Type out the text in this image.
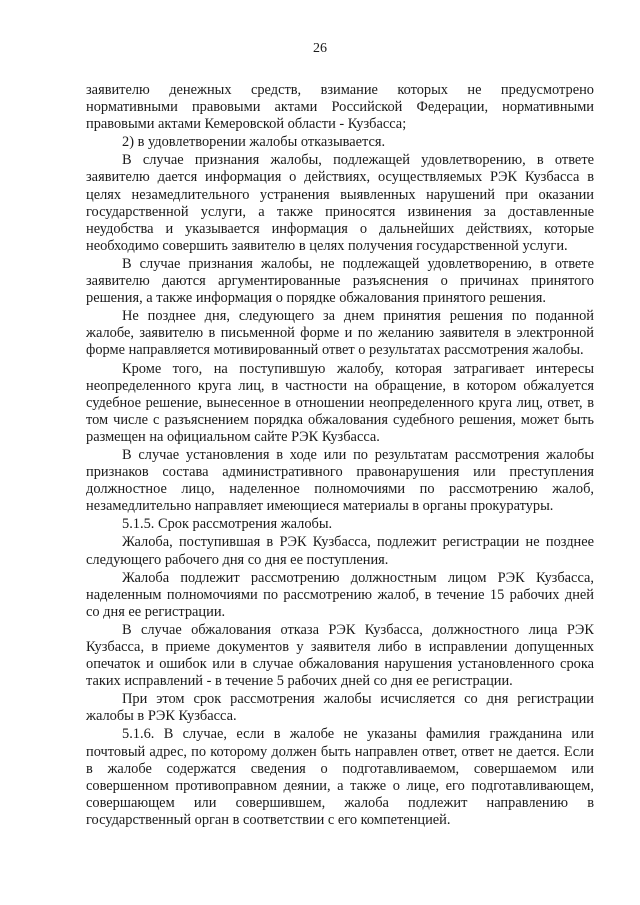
26

заявителю денежных средств, взимание которых не предусмотрено нормативными правовыми актами Российской Федерации, нормативными правовыми актами Кемеровской области - Кузбасса;

2) в удовлетворении жалобы отказывается.

В случае признания жалобы, подлежащей удовлетворению, в ответе заявителю дается информация о действиях, осуществляемых РЭК Кузбасса в целях незамедлительного устранения выявленных нарушений при оказании государственной услуги, а также приносятся извинения за доставленные неудобства и указывается информация о дальнейших действиях, которые необходимо совершить заявителю в целях получения государственной услуги.

В случае признания жалобы, не подлежащей удовлетворению, в ответе заявителю даются аргументированные разъяснения о причинах принятого решения, а также информация о порядке обжалования принятого решения.

Не позднее дня, следующего за днем принятия решения по поданной жалобе, заявителю в письменной форме и по желанию заявителя в электронной форме направляется мотивированный ответ о результатах рассмотрения жалобы.

Кроме того, на поступившую жалобу, которая затрагивает интересы неопределенного круга лиц, в частности на обращение, в котором обжалуется судебное решение, вынесенное в отношении неопределенного круга лиц, ответ, в том числе с разъяснением порядка обжалования судебного решения, может быть размещен на официальном сайте РЭК Кузбасса.

В случае установления в ходе или по результатам рассмотрения жалобы признаков состава административного правонарушения или преступления должностное лицо, наделенное полномочиями по рассмотрению жалоб, незамедлительно направляет имеющиеся материалы в органы прокуратуры.

5.1.5. Срок рассмотрения жалобы.

Жалоба, поступившая в РЭК Кузбасса, подлежит регистрации не позднее следующего рабочего дня со дня ее поступления.

Жалоба подлежит рассмотрению должностным лицом РЭК Кузбасса, наделенным полномочиями по рассмотрению жалоб, в течение 15 рабочих дней со дня ее регистрации.

В случае обжалования отказа РЭК Кузбасса, должностного лица РЭК Кузбасса, в приеме документов у заявителя либо в исправлении допущенных опечаток и ошибок или в случае обжалования нарушения установленного срока таких исправлений - в течение 5 рабочих дней со дня ее регистрации.

При этом срок рассмотрения жалобы исчисляется со дня регистрации жалобы в РЭК Кузбасса.

5.1.6. В случае, если в жалобе не указаны фамилия гражданина или почтовый адрес, по которому должен быть направлен ответ, ответ не дается. Если в жалобе содержатся сведения о подготавливаемом, совершаемом или совершенном противоправном деянии, а также о лице, его подготавливающем, совершающем или совершившем, жалоба подлежит направлению в государственный орган в соответствии с его компетенцией.
